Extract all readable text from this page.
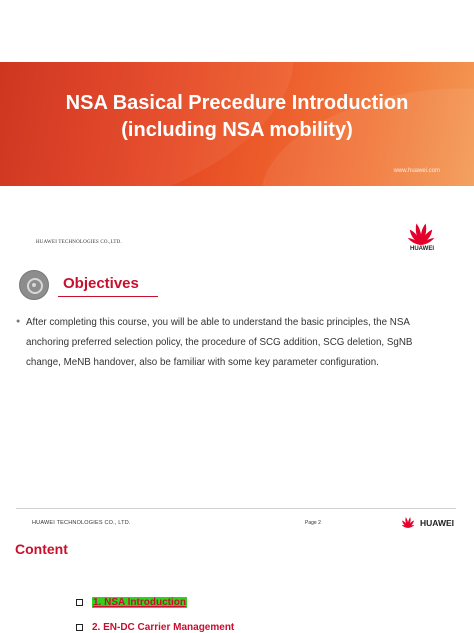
NSA Basical Precedure Introduction
(including NSA mobility)
www.huawei.com
HUAWEI TECHNOLOGIES CO.,LTD.
HUAWEI
Objectives
● After completing this course, you will be able to understand the basic principles, the NSA anchoring preferred selection policy, the procedure of SCG addition, SCG deletion, SgNB change, MeNB handover, also be familiar with some key parameter configuration.
HUAWEI TECHNOLOGIES CO., LTD.	Page 2	HUAWEI
Content
1. NSA Introduction
2. EN-DC Carrier Management
